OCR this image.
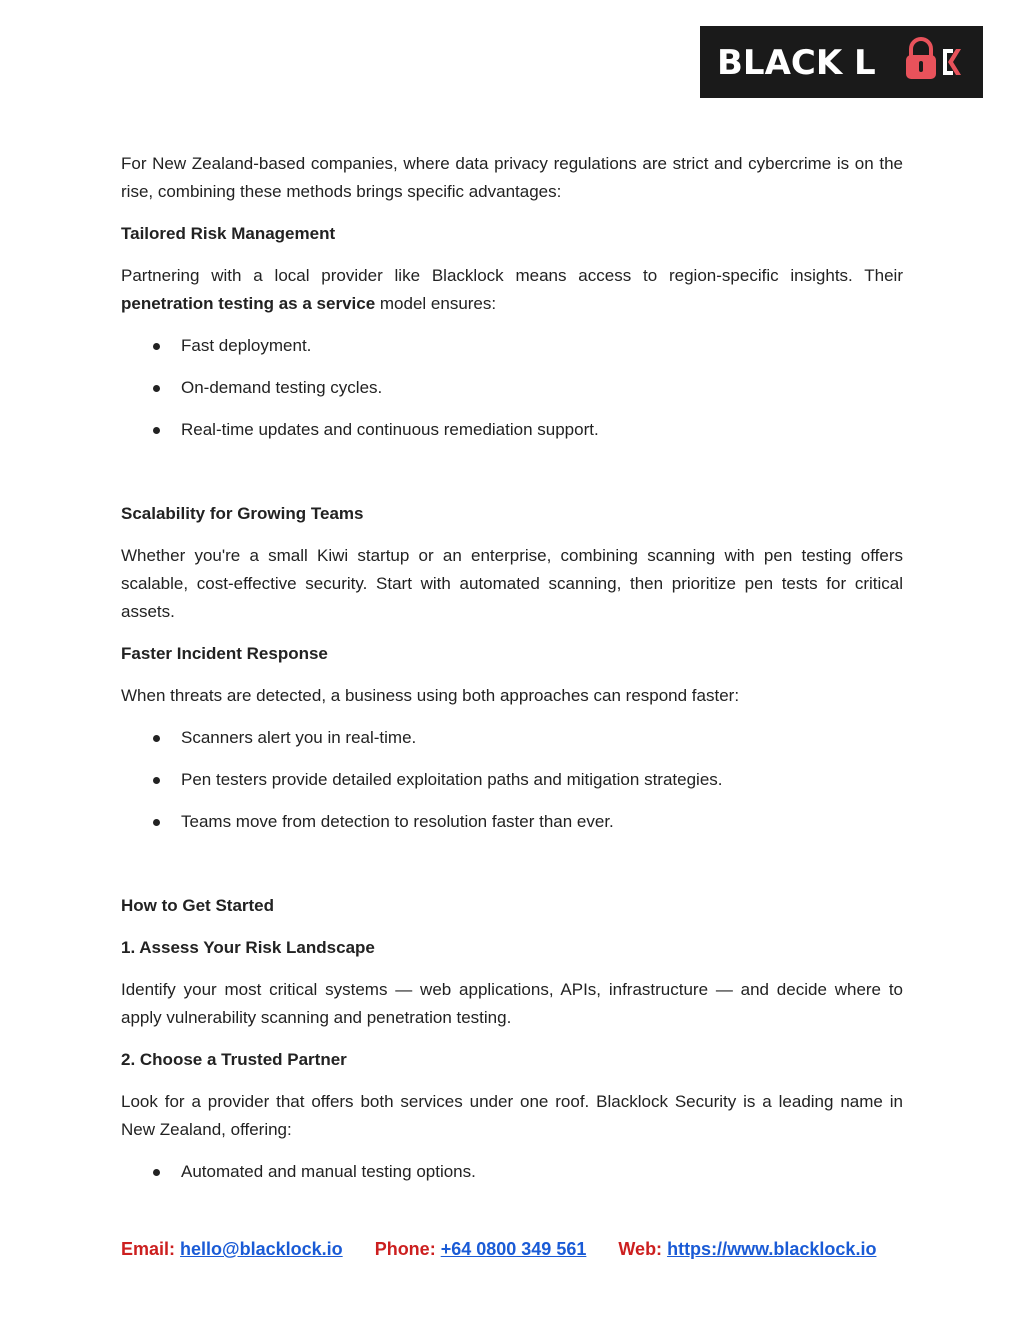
BLACK L

For New Zealand-based companies, where data privacy regulations are strict and cybercrime is on the rise, combining these methods brings specific advantages:

Tailored Risk Management

Partnering with a local provider like Blacklock means access to region-specific insights. Their penetration testing as a service model ensures:

Fast deployment.
On-demand testing cycles.
Real-time updates and continuous remediation support.

Scalability for Growing Teams

Whether you're a small Kiwi startup or an enterprise, combining scanning with pen testing offers scalable, cost-effective security. Start with automated scanning, then prioritize pen tests for critical assets.

Faster Incident Response

When threats are detected, a business using both approaches can respond faster:

Scanners alert you in real-time.
Pen testers provide detailed exploitation paths and mitigation strategies.
Teams move from detection to resolution faster than ever.

How to Get Started

1. Assess Your Risk Landscape

Identify your most critical systems — web applications, APIs, infrastructure — and decide where to apply vulnerability scanning and penetration testing.

2. Choose a Trusted Partner

Look for a provider that offers both services under one roof. Blacklock Security is a leading name in New Zealand, offering:

Automated and manual testing options.
Email: hello@blacklock.io Phone: +64 0800 349 561 Web: https://www.blacklock.io
